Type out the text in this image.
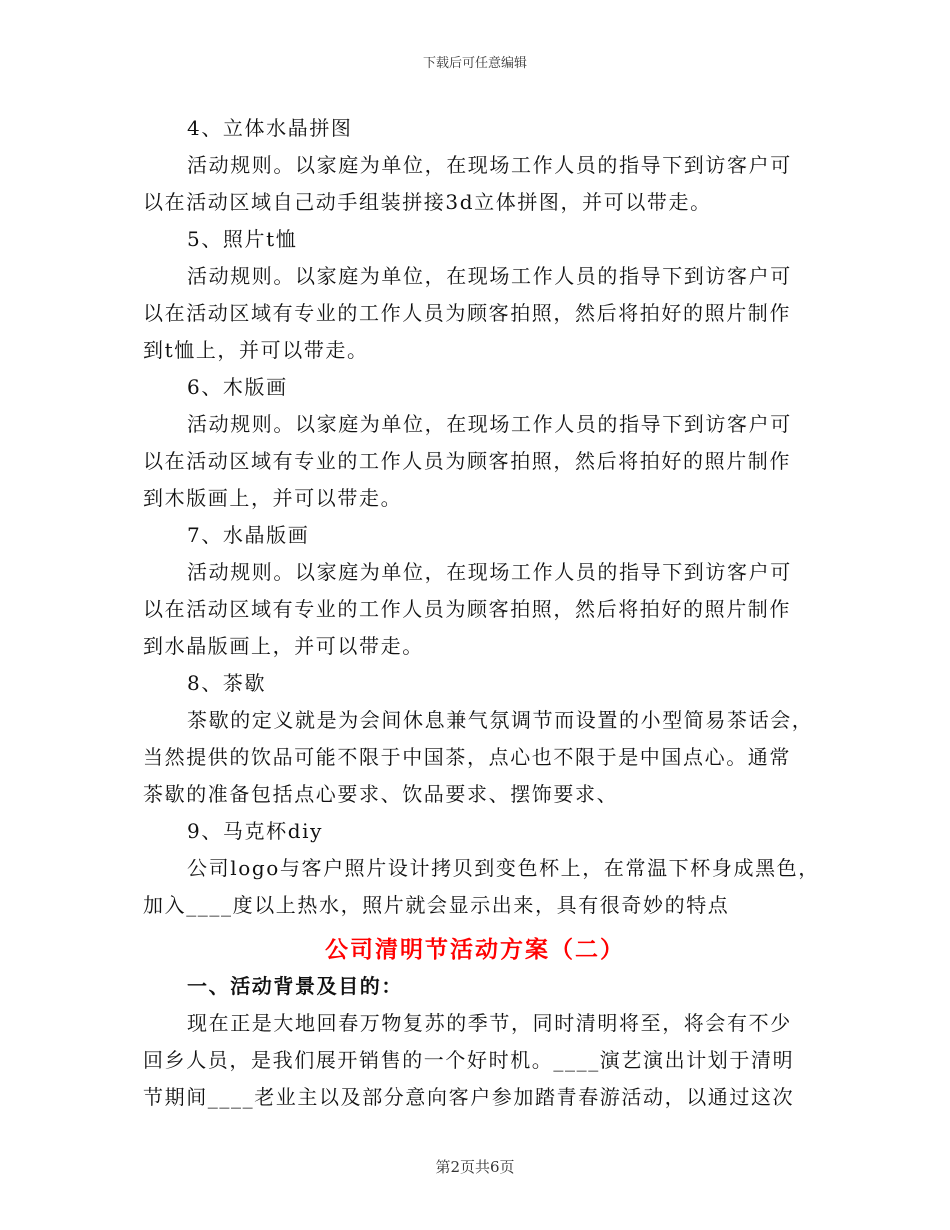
下载后可任意编辑
4、立体水晶拼图
活动规则。以家庭为单位，在现场工作人员的指导下到访客户可
以在活动区域自己动手组装拼接3d立体拼图，并可以带走。
5、照片t恤
活动规则。以家庭为单位，在现场工作人员的指导下到访客户可
以在活动区域有专业的工作人员为顾客拍照，然后将拍好的照片制作
到t恤上，并可以带走。
6、木版画
活动规则。以家庭为单位，在现场工作人员的指导下到访客户可
以在活动区域有专业的工作人员为顾客拍照，然后将拍好的照片制作
到木版画上，并可以带走。
7、水晶版画
活动规则。以家庭为单位，在现场工作人员的指导下到访客户可
以在活动区域有专业的工作人员为顾客拍照，然后将拍好的照片制作
到水晶版画上，并可以带走。
8、茶歇
茶歇的定义就是为会间休息兼气氛调节而设置的小型简易茶话会，
当然提供的饮品可能不限于中国茶，点心也不限于是中国点心。通常
茶歇的准备包括点心要求、饮品要求、摆饰要求、
9、马克杯diy
公司logo与客户照片设计拷贝到变色杯上，在常温下杯身成黑色，
加入____度以上热水，照片就会显示出来，具有很奇妙的特点
公司清明节活动方案（二）
一、活动背景及目的：
现在正是大地回春万物复苏的季节，同时清明将至，将会有不少
回乡人员，是我们展开销售的一个好时机。____演艺演出计划于清明
节期间____老业主以及部分意向客户参加踏青春游活动，以通过这次
第2页共6页
